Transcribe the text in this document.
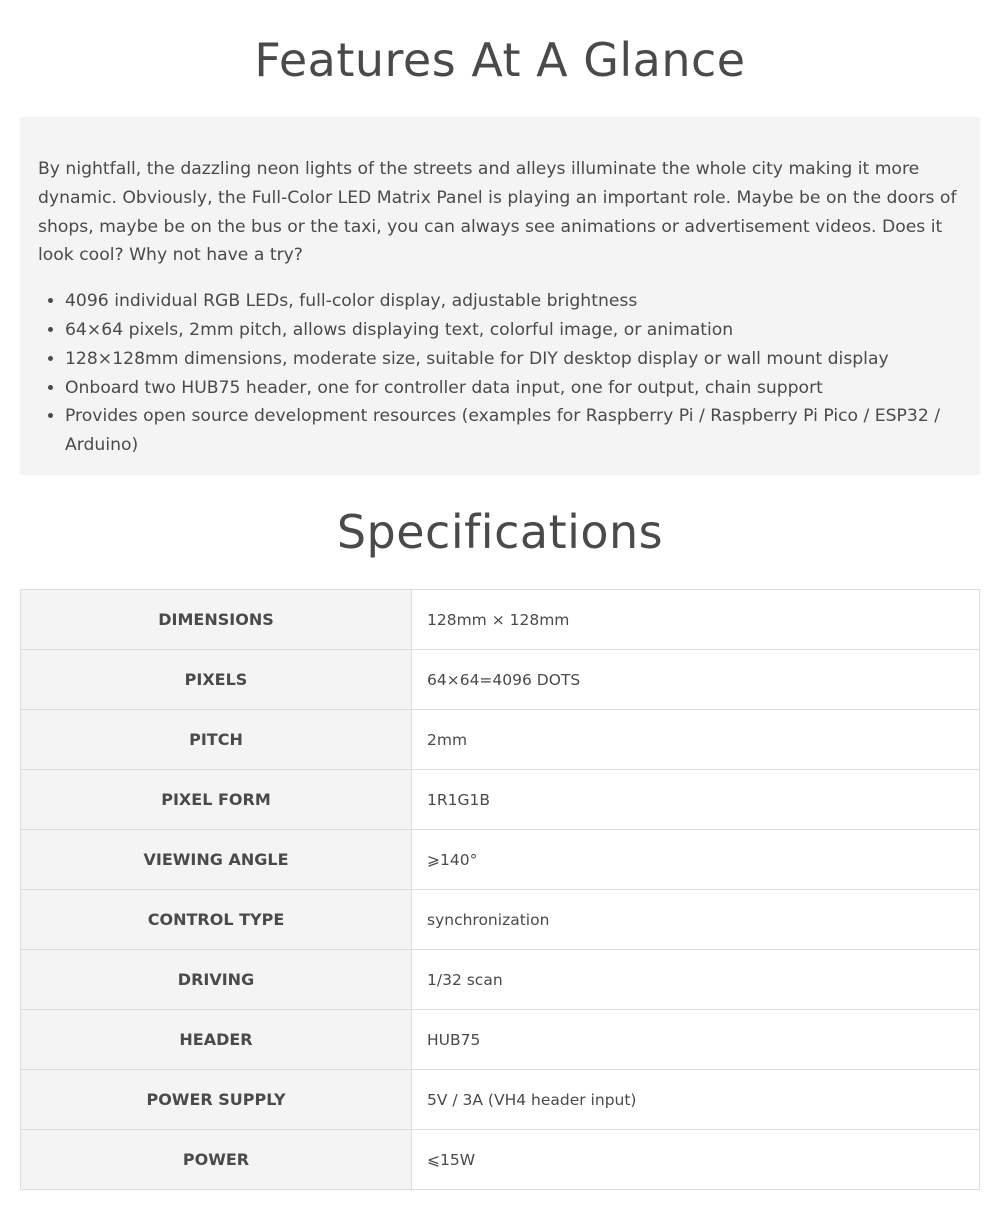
Features At A Glance

By nightfall, the dazzling neon lights of the streets and alleys illuminate the whole city making it more dynamic. Obviously, the Full-Color LED Matrix Panel is playing an important role. Maybe be on the doors of shops, maybe be on the bus or the taxi, you can always see animations or advertisement videos. Does it look cool? Why not have a try?

• 4096 individual RGB LEDs, full-color display, adjustable brightness
• 64×64 pixels, 2mm pitch, allows displaying text, colorful image, or animation
• 128×128mm dimensions, moderate size, suitable for DIY desktop display or wall mount display
• Onboard two HUB75 header, one for controller data input, one for output, chain support
• Provides open source development resources (examples for Raspberry Pi / Raspberry Pi Pico / ESP32 / Arduino)
Specifications
DIMENSIONS	128mm × 128mm
PIXELS	64×64=4096 DOTS
PITCH	2mm
PIXEL FORM	1R1G1B
VIEWING ANGLE	⩾140°
CONTROL TYPE	synchronization
DRIVING	1/32 scan
HEADER	HUB75
POWER SUPPLY	5V / 3A (VH4 header input)
POWER	⩽15W
